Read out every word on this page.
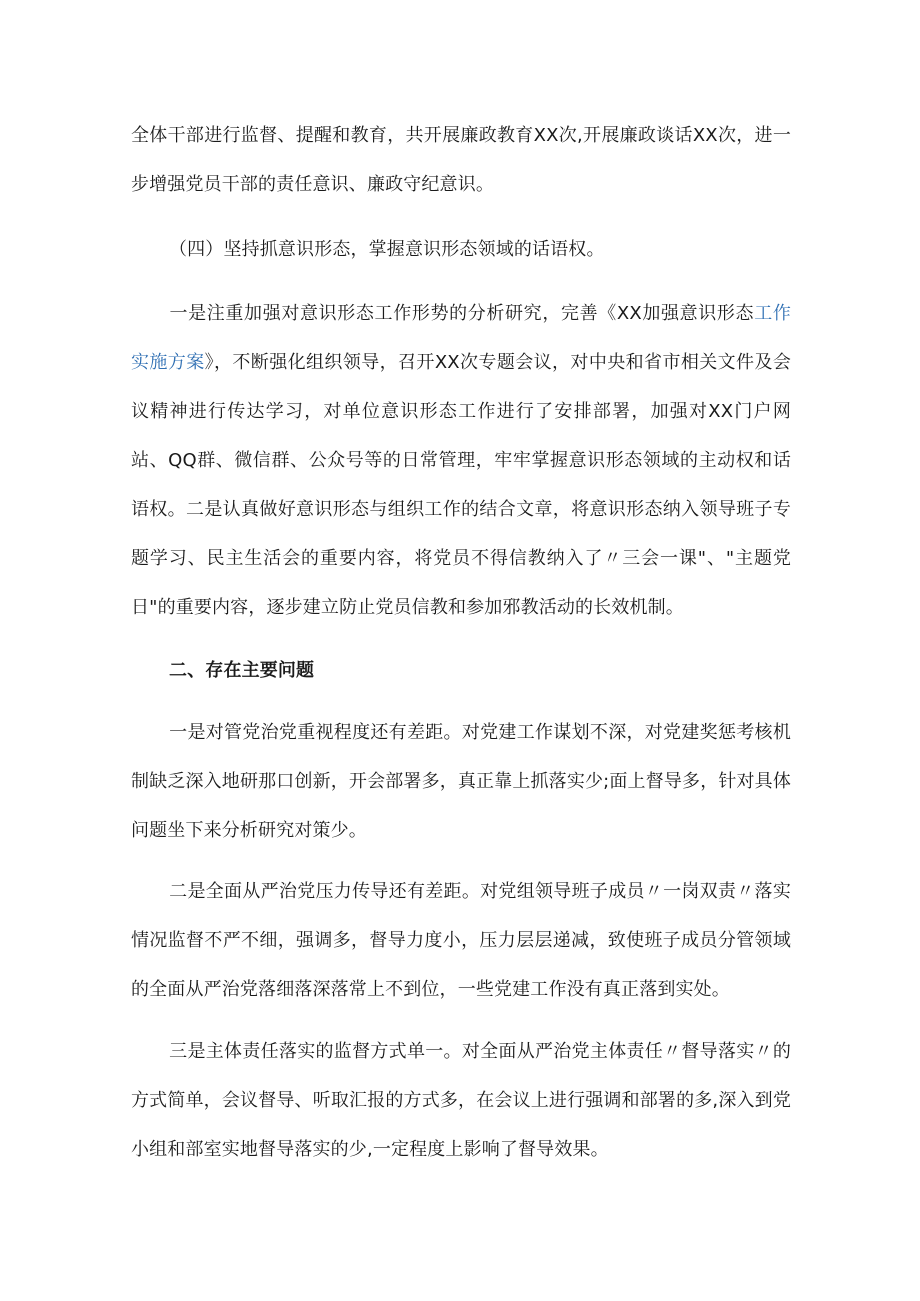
全体干部进行监督、提醒和教育，共开展廉政教育XX次,开展廉政谈话XX次，进一步增强党员干部的责任意识、廉政守纪意识。

（四）坚持抓意识形态，掌握意识形态领域的话语权。

一是注重加强对意识形态工作形势的分析研究，完善《XX加强意识形态工作实施方案》，不断强化组织领导，召开XX次专题会议，对中央和省市相关文件及会议精神进行传达学习，对单位意识形态工作进行了安排部署，加强对XX门户网站、QQ群、微信群、公众号等的日常管理，牢牢掌握意识形态领域的主动权和话语权。二是认真做好意识形态与组织工作的结合文章，将意识形态纳入领导班子专题学习、民主生活会的重要内容，将党员不得信教纳入了〃三会一课"、"主题党日"的重要内容，逐步建立防止党员信教和参加邪教活动的长效机制。

二、存在主要问题

一是对管党治党重视程度还有差距。对党建工作谋划不深，对党建奖惩考核机制缺乏深入地研那口创新，开会部署多，真正靠上抓落实少;面上督导多，针对具体问题坐下来分析研究对策少。

二是全面从严治党压力传导还有差距。对党组领导班子成员〃一岗双责〃落实情况监督不严不细，强调多，督导力度小，压力层层递减，致使班子成员分管领域的全面从严治党落细落深落常上不到位，一些党建工作没有真正落到实处。

三是主体责任落实的监督方式单一。对全面从严治党主体责任〃督导落实〃的方式简单，会议督导、听取汇报的方式多，在会议上进行强调和部署的多,深入到党小组和部室实地督导落实的少,一定程度上影响了督导效果。
